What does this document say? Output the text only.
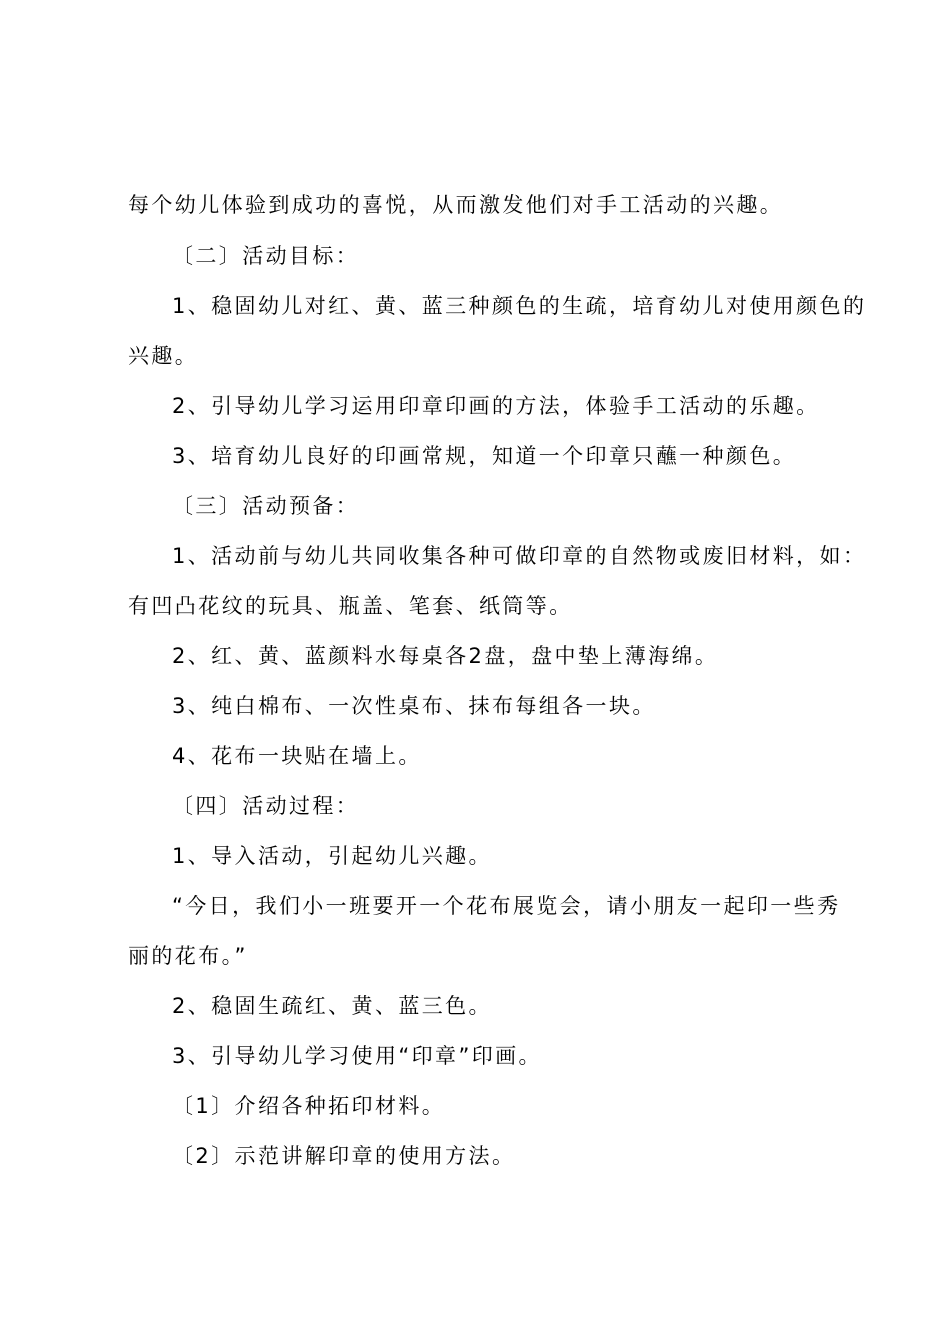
每个幼儿体验到成功的喜悦，从而激发他们对手工活动的兴趣。
〔二〕活动目标：
1、稳固幼儿对红、黄、蓝三种颜色的生疏，培育幼儿对使用颜色的
兴趣。
2、引导幼儿学习运用印章印画的方法，体验手工活动的乐趣。
3、培育幼儿良好的印画常规，知道一个印章只蘸一种颜色。
〔三〕活动预备：
1、活动前与幼儿共同收集各种可做印章的自然物或废旧材料，如：
有凹凸花纹的玩具、瓶盖、笔套、纸筒等。
2、红、黄、蓝颜料水每桌各2盘，盘中垫上薄海绵。
3、纯白棉布、一次性桌布、抹布每组各一块。
4、花布一块贴在墙上。
〔四〕活动过程：
1、导入活动，引起幼儿兴趣。
“今日，我们小一班要开一个花布展览会，请小朋友一起印一些秀
丽的花布。”
2、稳固生疏红、黄、蓝三色。
3、引导幼儿学习使用“印章”印画。
〔1〕介绍各种拓印材料。
〔2〕示范讲解印章的使用方法。
